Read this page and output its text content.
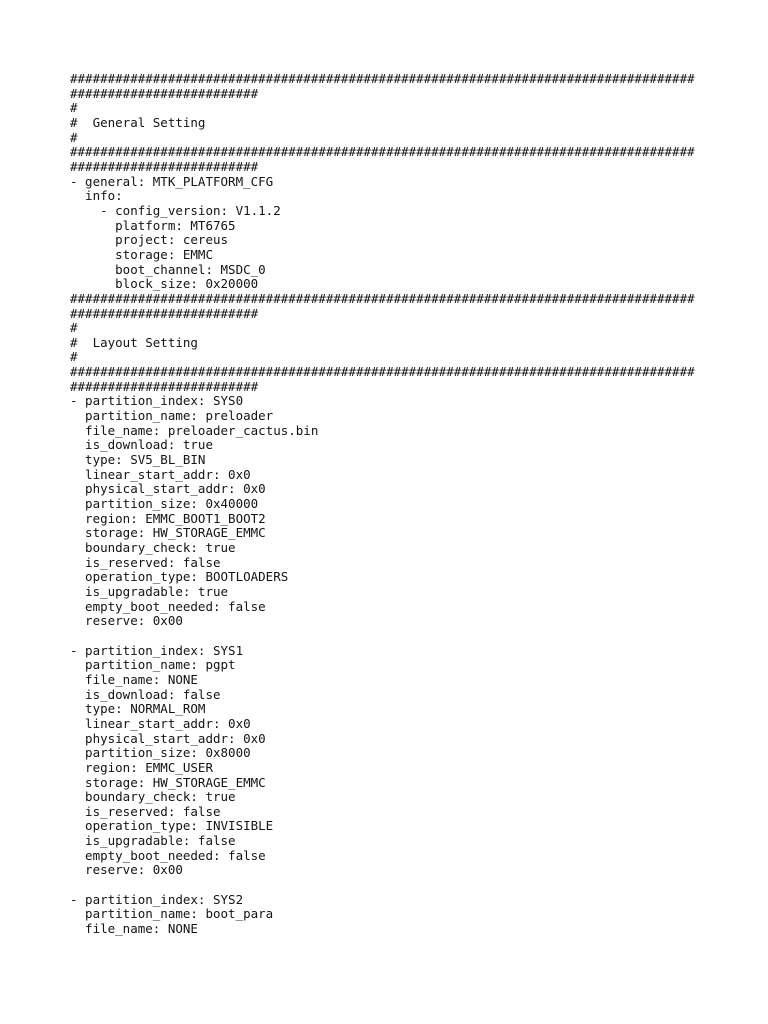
###################################################################################
#########################
#
#  General Setting
#
###################################################################################
#########################
- general: MTK_PLATFORM_CFG
info:
- config_version: V1.1.2
platform: MT6765
project: cereus
storage: EMMC
boot_channel: MSDC_0
block_size: 0x20000
###################################################################################
#########################
#
#  Layout Setting
#
###################################################################################
#########################
- partition_index: SYS0
partition_name: preloader
file_name: preloader_cactus.bin
is_download: true
type: SV5_BL_BIN
linear_start_addr: 0x0
physical_start_addr: 0x0
partition_size: 0x40000
region: EMMC_BOOT1_BOOT2
storage: HW_STORAGE_EMMC
boundary_check: true
is_reserved: false
operation_type: BOOTLOADERS
is_upgradable: true
empty_boot_needed: false
reserve: 0x00
- partition_index: SYS1
partition_name: pgpt
file_name: NONE
is_download: false
type: NORMAL_ROM
linear_start_addr: 0x0
physical_start_addr: 0x0
partition_size: 0x8000
region: EMMC_USER
storage: HW_STORAGE_EMMC
boundary_check: true
is_reserved: false
operation_type: INVISIBLE
is_upgradable: false
empty_boot_needed: false
reserve: 0x00
- partition_index: SYS2
partition_name: boot_para
file_name: NONE
